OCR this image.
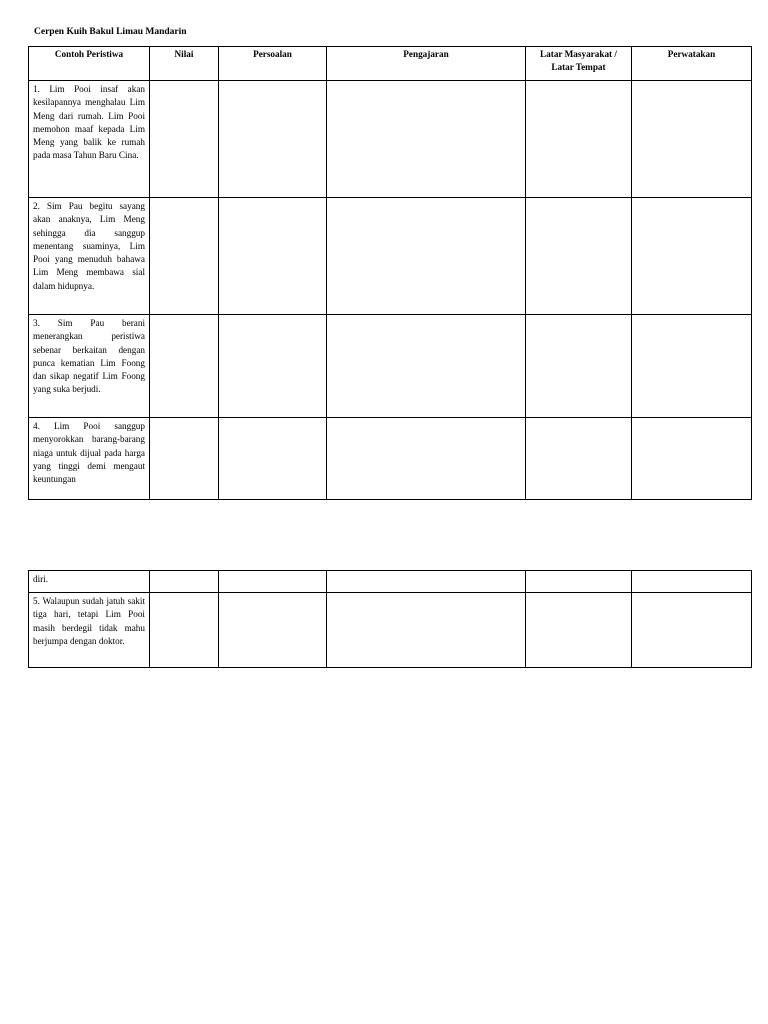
Cerpen Kuih Bakul Limau Mandarin
Contoh Peristiwa	Nilai	Persoalan	Pengajaran	Latar Masyarakat / Latar Tempat	Perwatakan
1. Lim Pooi insaf akan kesilapannya menghalau Lim Meng dari rumah. Lim Pooi memohon maaf kepada Lim Meng yang balik ke rumah pada masa Tahun Baru Cina.					
2. Sim Pau begitu sayang akan anaknya, Lim Meng sehingga dia sanggup menentang suaminya, Lim Pooi yang menuduh bahawa Lim Meng membawa sial dalam hidupnya.					
3. Sim Pau berani menerangkan peristiwa sebenar berkaitan dengan punca kematian Lim Foong dan sikap negatif Lim Foong yang suka berjudi.					
4. Lim Pooi sanggup menyorokkan barang-barang niaga untuk dijual pada harga yang tinggi demi mengaut keuntungan					
diri.					
5. Walaupun sudah jatuh sakit tiga hari, tetapi Lim Pooi masih berdegil tidak mahu berjumpa dengan doktor.					
